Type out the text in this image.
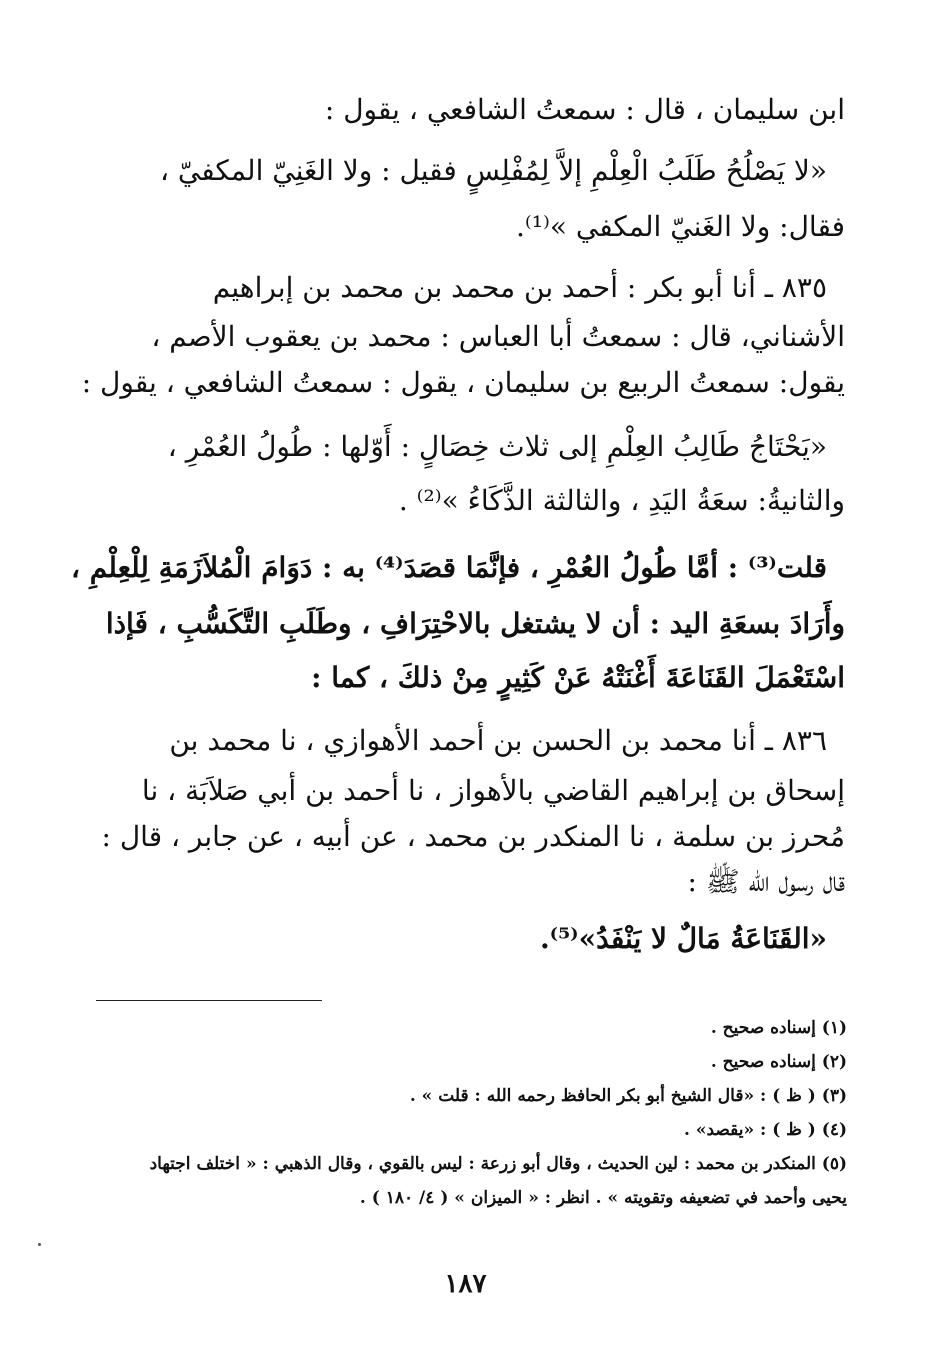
ابن سليمان ، قال : سمعتُ الشافعي ، يقول :
«لا يَصْلُحُ طَلَبُ الْعِلْمِ إلاَّ لِمُفْلِسٍ فقيل : ولا الغَنِيّ المكفيّ ،
فقال: ولا الغَنيّ المكفي »⁽¹⁾.
٨٣٥ ـ أنا أبو بكر : أحمد بن محمد بن محمد بن إبراهيم
الأشناني، قال : سمعتُ أبا العباس : محمد بن يعقوب الأصم ،
يقول: سمعتُ الربيع بن سليمان ، يقول : سمعتُ الشافعي ، يقول :
«يَحْتَاجُ طَالِبُ العِلْمِ إلى ثلاث خِصَالٍ : أَوّلها : طُولُ العُمْرِ ،
والثانيةُ: سعَةُ اليَدِ ، والثالثة الذَّكَاءُ »⁽²⁾ .
قلت⁽³⁾ : أمَّا طُولُ العُمْرِ ، فإنَّمَا قصَدَ⁽⁴⁾ به : دَوَامَ الْمُلاَزَمَةِ لِلْعِلْمِ ،
وأَرَادَ بسعَةِ اليد : أن لا يشتغل بالاحْتِرَافِ ، وطَلَبِ التَّكَسُّبِ ، فَإذا
اسْتَعْمَلَ القَنَاعَةَ أَغْنَتْهُ عَنْ كَثِيرٍ مِنْ ذلكَ ، كما :
٨٣٦ ـ أنا محمد بن الحسن بن أحمد الأهوازي ، نا محمد بن
إسحاق بن إبراهيم القاضي بالأهواز ، نا أحمد بن أبي صَلاَبَة ، نا
مُحرز بن سلمة ، نا المنكدر بن محمد ، عن أبيه ، عن جابر ، قال :
قال رسول الله ﷺ :
«القَنَاعَةُ مَالٌ لا يَنْفَدُ»⁽⁵⁾.
(١) إسناده صحيح .
(٢) إسناده صحيح .
(٣) ( ظ ) : «قال الشيخ أبو بكر الحافظ رحمه الله : قلت » .
(٤) ( ظ ) : «يقصد» .
(٥) المنكدر بن محمد : لين الحديث ، وقال أبو زرعة : ليس بالقوي ، وقال الذهبي : « اختلف اجتهاد
يحيى وأحمد في تضعيفه وتقويته » . انظر : « الميزان » ( ٤/ ١٨٠ ) .
١٨٧
